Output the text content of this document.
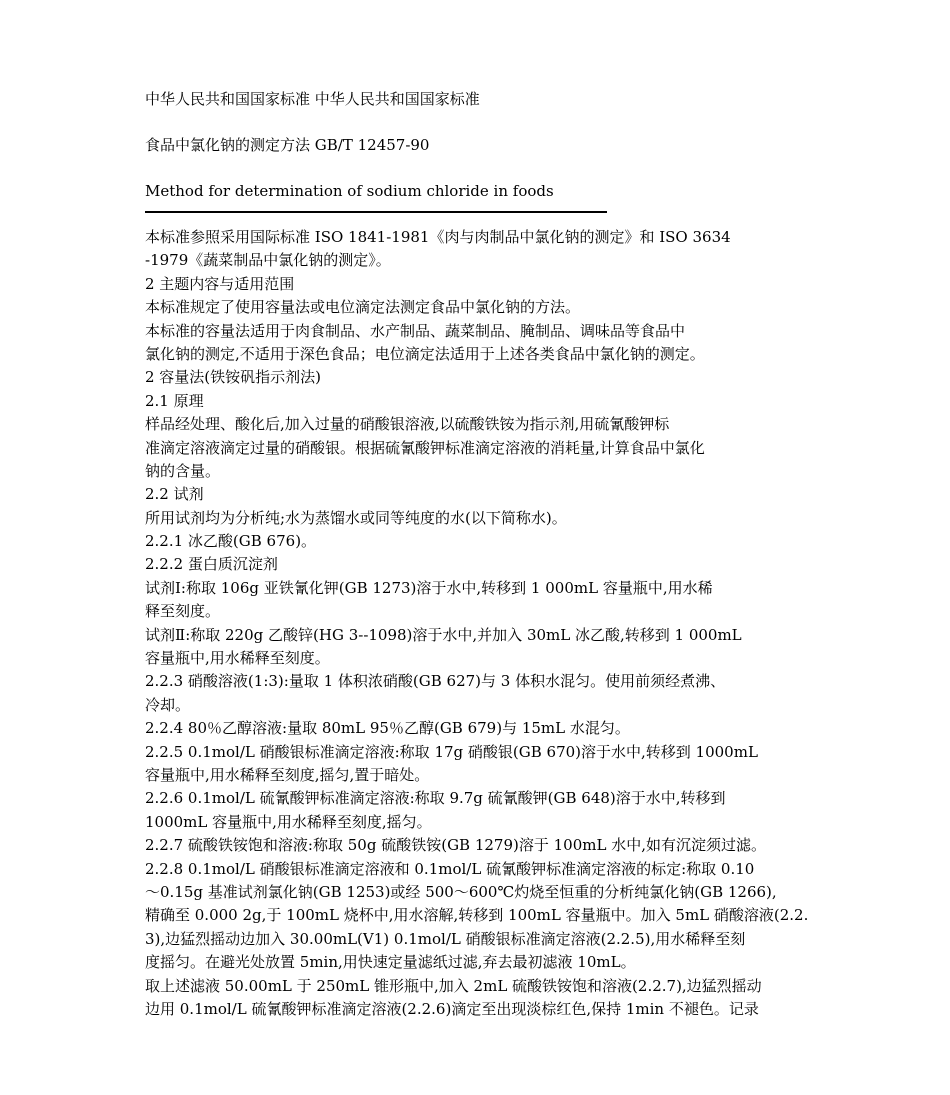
中华人民共和国国家标准 中华人民共和国国家标准
食品中氯化钠的测定方法 GB/T 12457-90
Method for determination of sodium chloride in foods
本标准参照采用国际标准 ISO 1841-1981《肉与肉制品中氯化钠的测定》和 ISO 3634
-1979《蔬菜制品中氯化钠的测定》。
2 主题内容与适用范围
本标准规定了使用容量法或电位滴定法测定食品中氯化钠的方法。
本标准的容量法适用于肉食制品、水产制品、蔬菜制品、腌制品、调味品等食品中
氯化钠的测定,不适用于深色食品；电位滴定法适用于上述各类食品中氯化钠的测定。
2 容量法(铁铵矾指示剂法)
2.1 原理
样品经处理、酸化后,加入过量的硝酸银溶液,以硫酸铁铵为指示剂,用硫氰酸钾标
准滴定溶液滴定过量的硝酸银。根据硫氰酸钾标准滴定溶液的消耗量,计算食品中氯化
钠的含量。
2.2 试剂
所用试剂均为分析纯;水为蒸馏水或同等纯度的水(以下简称水)。
2.2.1 冰乙酸(GB 676)。
2.2.2 蛋白质沉淀剂
试剂Ⅰ:称取 106g 亚铁氰化钾(GB 1273)溶于水中,转移到 1 000mL 容量瓶中,用水稀
释至刻度。
试剂Ⅱ:称取 220g 乙酸锌(HG 3--1098)溶于水中,并加入 30mL 冰乙酸,转移到 1 000mL
容量瓶中,用水稀释至刻度。
2.2.3 硝酸溶液(1:3):量取 1 体积浓硝酸(GB 627)与 3 体积水混匀。使用前须经煮沸、
冷却。
2.2.4 80％乙醇溶液:量取 80mL 95％乙醇(GB 679)与 15mL 水混匀。
2.2.5 0.1mol/L 硝酸银标准滴定溶液:称取 17g 硝酸银(GB 670)溶于水中,转移到 1000mL
容量瓶中,用水稀释至刻度,摇匀,置于暗处。
2.2.6 0.1mol/L 硫氰酸钾标准滴定溶液:称取 9.7g 硫氰酸钾(GB 648)溶于水中,转移到
1000mL 容量瓶中,用水稀释至刻度,摇匀。
2.2.7 硫酸铁铵饱和溶液:称取 50g 硫酸铁铵(GB 1279)溶于 100mL 水中,如有沉淀须过滤。
2.2.8 0.1mol/L 硝酸银标准滴定溶液和 0.1mol/L 硫氰酸钾标准滴定溶液的标定:称取 0.10
～0.15g 基准试剂氯化钠(GB 1253)或经 500～600℃灼烧至恒重的分析纯氯化钠(GB 1266),
精确至 0.000 2g,于 100mL 烧杯中,用水溶解,转移到 100mL 容量瓶中。加入 5mL 硝酸溶液(2.2.
3),边猛烈摇动边加入 30.00mL(V1) 0.1mol/L 硝酸银标准滴定溶液(2.2.5),用水稀释至刻
度摇匀。在避光处放置 5min,用快速定量滤纸过滤,弃去最初滤液 10mL。
取上述滤液 50.00mL 于 250mL 锥形瓶中,加入 2mL 硫酸铁铵饱和溶液(2.2.7),边猛烈摇动
边用 0.1mol/L 硫氰酸钾标准滴定溶液(2.2.6)滴定至出现淡棕红色,保持 1min 不褪色。记录
